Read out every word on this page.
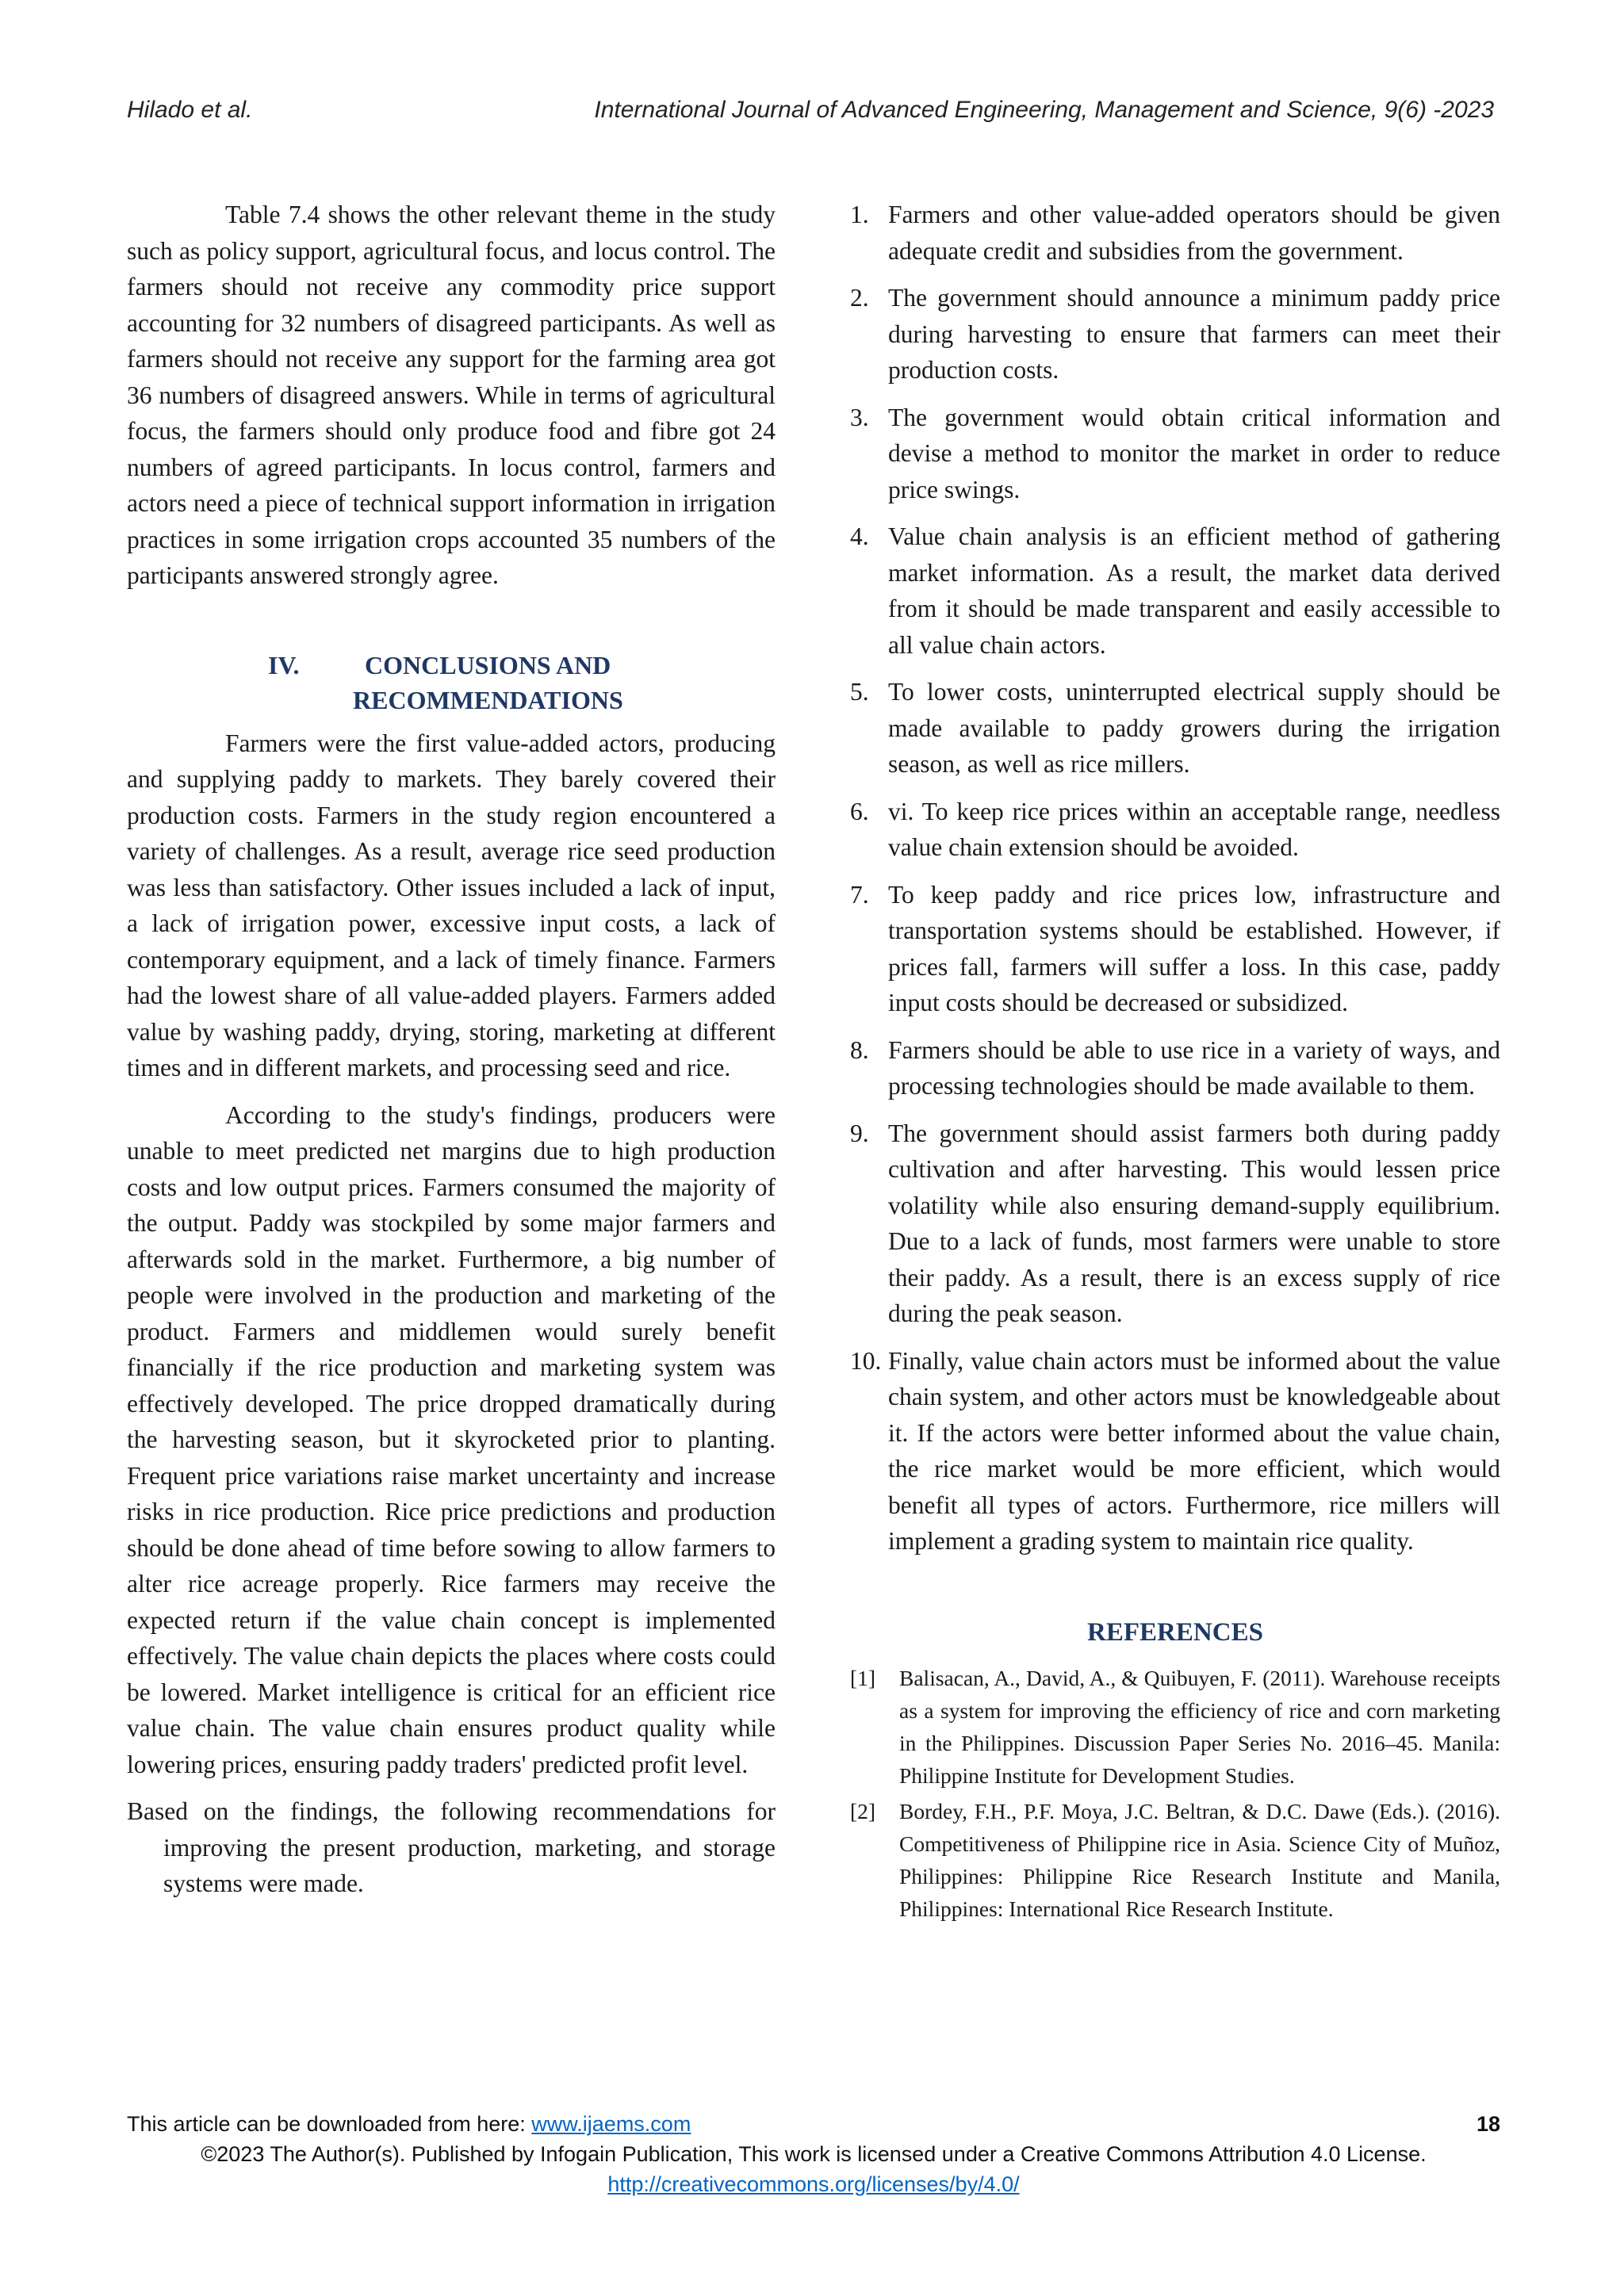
Hilado et al.	International Journal of Advanced Engineering, Management and Science, 9(6) -2023

Table 7.4 shows the other relevant theme in the study such as policy support, agricultural focus, and locus control. The farmers should not receive any commodity price support accounting for 32 numbers of disagreed participants. As well as farmers should not receive any support for the farming area got 36 numbers of disagreed answers. While in terms of agricultural focus, the farmers should only produce food and fibre got 24 numbers of agreed participants. In locus control, farmers and actors need a piece of technical support information in irrigation practices in some irrigation crops accounted 35 numbers of the participants answered strongly agree.

IV.	CONCLUSIONS AND
RECOMMENDATIONS

Farmers were the first value-added actors, producing and supplying paddy to markets. They barely covered their production costs. Farmers in the study region encountered a variety of challenges. As a result, average rice seed production was less than satisfactory. Other issues included a lack of input, a lack of irrigation power, excessive input costs, a lack of contemporary equipment, and a lack of timely finance. Farmers had the lowest share of all value-added players. Farmers added value by washing paddy, drying, storing, marketing at different times and in different markets, and processing seed and rice.

According to the study's findings, producers were unable to meet predicted net margins due to high production costs and low output prices. Farmers consumed the majority of the output. Paddy was stockpiled by some major farmers and afterwards sold in the market. Furthermore, a big number of people were involved in the production and marketing of the product. Farmers and middlemen would surely benefit financially if the rice production and marketing system was effectively developed. The price dropped dramatically during the harvesting season, but it skyrocketed prior to planting. Frequent price variations raise market uncertainty and increase risks in rice production. Rice price predictions and production should be done ahead of time before sowing to allow farmers to alter rice acreage properly. Rice farmers may receive the expected return if the value chain concept is implemented effectively. The value chain depicts the places where costs could be lowered. Market intelligence is critical for an efficient rice value chain. The value chain ensures product quality while lowering prices, ensuring paddy traders' predicted profit level.

Based on the findings, the following recommendations for improving the present production, marketing, and storage systems were made.

1. Farmers and other value-added operators should be given adequate credit and subsidies from the government.
2. The government should announce a minimum paddy price during harvesting to ensure that farmers can meet their production costs.
3. The government would obtain critical information and devise a method to monitor the market in order to reduce price swings.
4. Value chain analysis is an efficient method of gathering market information. As a result, the market data derived from it should be made transparent and easily accessible to all value chain actors.
5. To lower costs, uninterrupted electrical supply should be made available to paddy growers during the irrigation season, as well as rice millers.
6. vi. To keep rice prices within an acceptable range, needless value chain extension should be avoided.
7. To keep paddy and rice prices low, infrastructure and transportation systems should be established. However, if prices fall, farmers will suffer a loss. In this case, paddy input costs should be decreased or subsidized.
8. Farmers should be able to use rice in a variety of ways, and processing technologies should be made available to them.
9. The government should assist farmers both during paddy cultivation and after harvesting. This would lessen price volatility while also ensuring demand-supply equilibrium. Due to a lack of funds, most farmers were unable to store their paddy. As a result, there is an excess supply of rice during the peak season.
10. Finally, value chain actors must be informed about the value chain system, and other actors must be knowledgeable about it. If the actors were better informed about the value chain, the rice market would be more efficient, which would benefit all types of actors. Furthermore, rice millers will implement a grading system to maintain rice quality.
REFERENCES
[1] Balisacan, A., David, A., & Quibuyen, F. (2011). Warehouse receipts as a system for improving the efficiency of rice and corn marketing in the Philippines. Discussion Paper Series No. 2016–45. Manila: Philippine Institute for Development Studies.
[2] Bordey, F.H., P.F. Moya, J.C. Beltran, & D.C. Dawe (Eds.). (2016). Competitiveness of Philippine rice in Asia. Science City of Muñoz, Philippines: Philippine Rice Research Institute and Manila, Philippines: International Rice Research Institute.
This article can be downloaded from here: www.ijaems.com	18
©2023 The Author(s). Published by Infogain Publication, This work is licensed under a Creative Commons Attribution 4.0 License.
http://creativecommons.org/licenses/by/4.0/
